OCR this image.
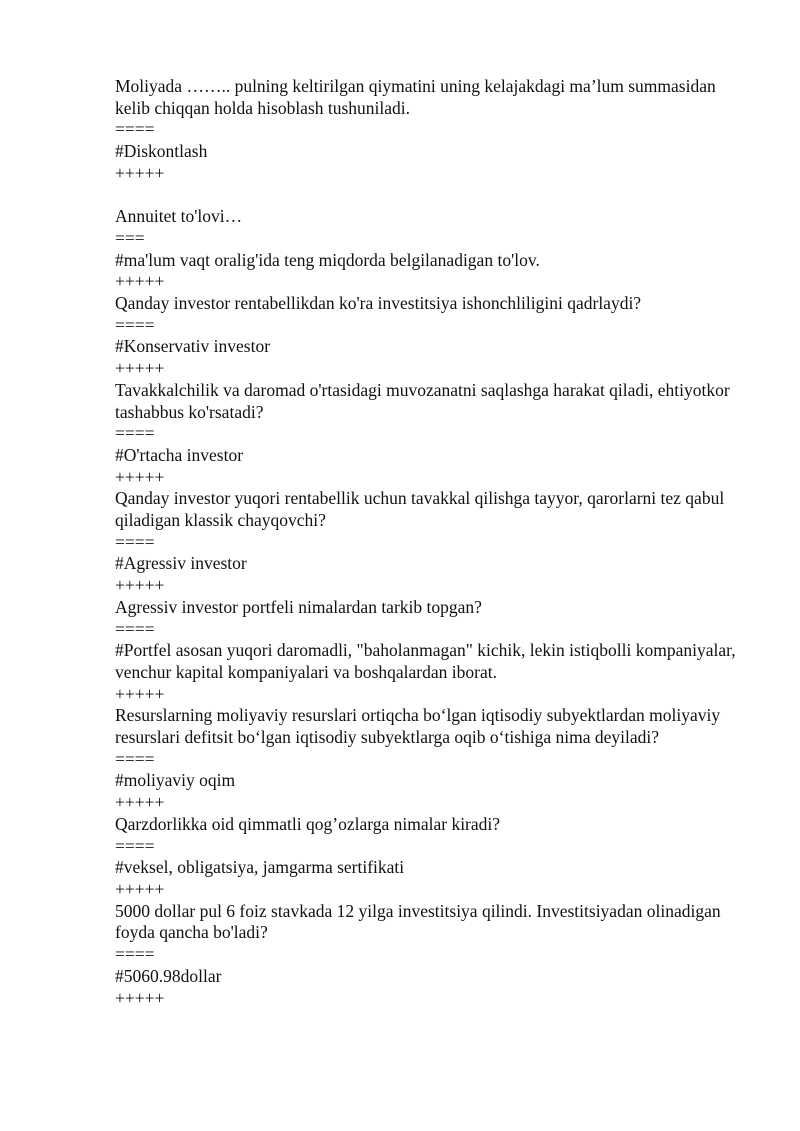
Moliyada …….. pulning keltirilgan qiymatini uning kelajakdagi ma’lum summasidan kelib chiqqan holda hisoblash tushuniladi.

====

#Diskontlash

+++++

Annuitet to'lovi…

===

#ma'lum vaqt oralig'ida teng miqdorda belgilanadigan to'lov.

+++++

Qanday investor rentabellikdan ko'ra investitsiya ishonchliligini qadrlaydi?

====

#Konservativ investor

+++++

Tavakkalchilik va daromad o'rtasidagi muvozanatni saqlashga harakat qiladi, ehtiyotkor tashabbus ko'rsatadi?

====

#O'rtacha investor

+++++

Qanday investor yuqori rentabellik uchun tavakkal qilishga tayyor, qarorlarni tez qabul qiladigan klassik chayqovchi?

====

#Agressiv investor

+++++

Agressiv investor portfeli nimalardan tarkib topgan?

====

#Portfel asosan yuqori daromadli, "baholanmagan" kichik, lekin istiqbolli kompaniyalar, venchur kapital kompaniyalari va boshqalardan iborat.

+++++

Resurslarning moliyaviy resurslari ortiqcha bo‘lgan iqtisodiy subyektlardan moliyaviy resurslari defitsit bo‘lgan iqtisodiy subyektlarga oqib o‘tishiga nima deyiladi?

====

#moliyaviy oqim

+++++

Qarzdorlikka oid qimmatli qog’ozlarga nimalar kiradi?

====

#veksel, obligatsiya, jamgarma sertifikati

+++++

5000 dollar pul 6 foiz stavkada 12 yilga investitsiya qilindi. Investitsiyadan olinadigan foyda qancha bo'ladi?

====

#5060.98dollar

+++++
